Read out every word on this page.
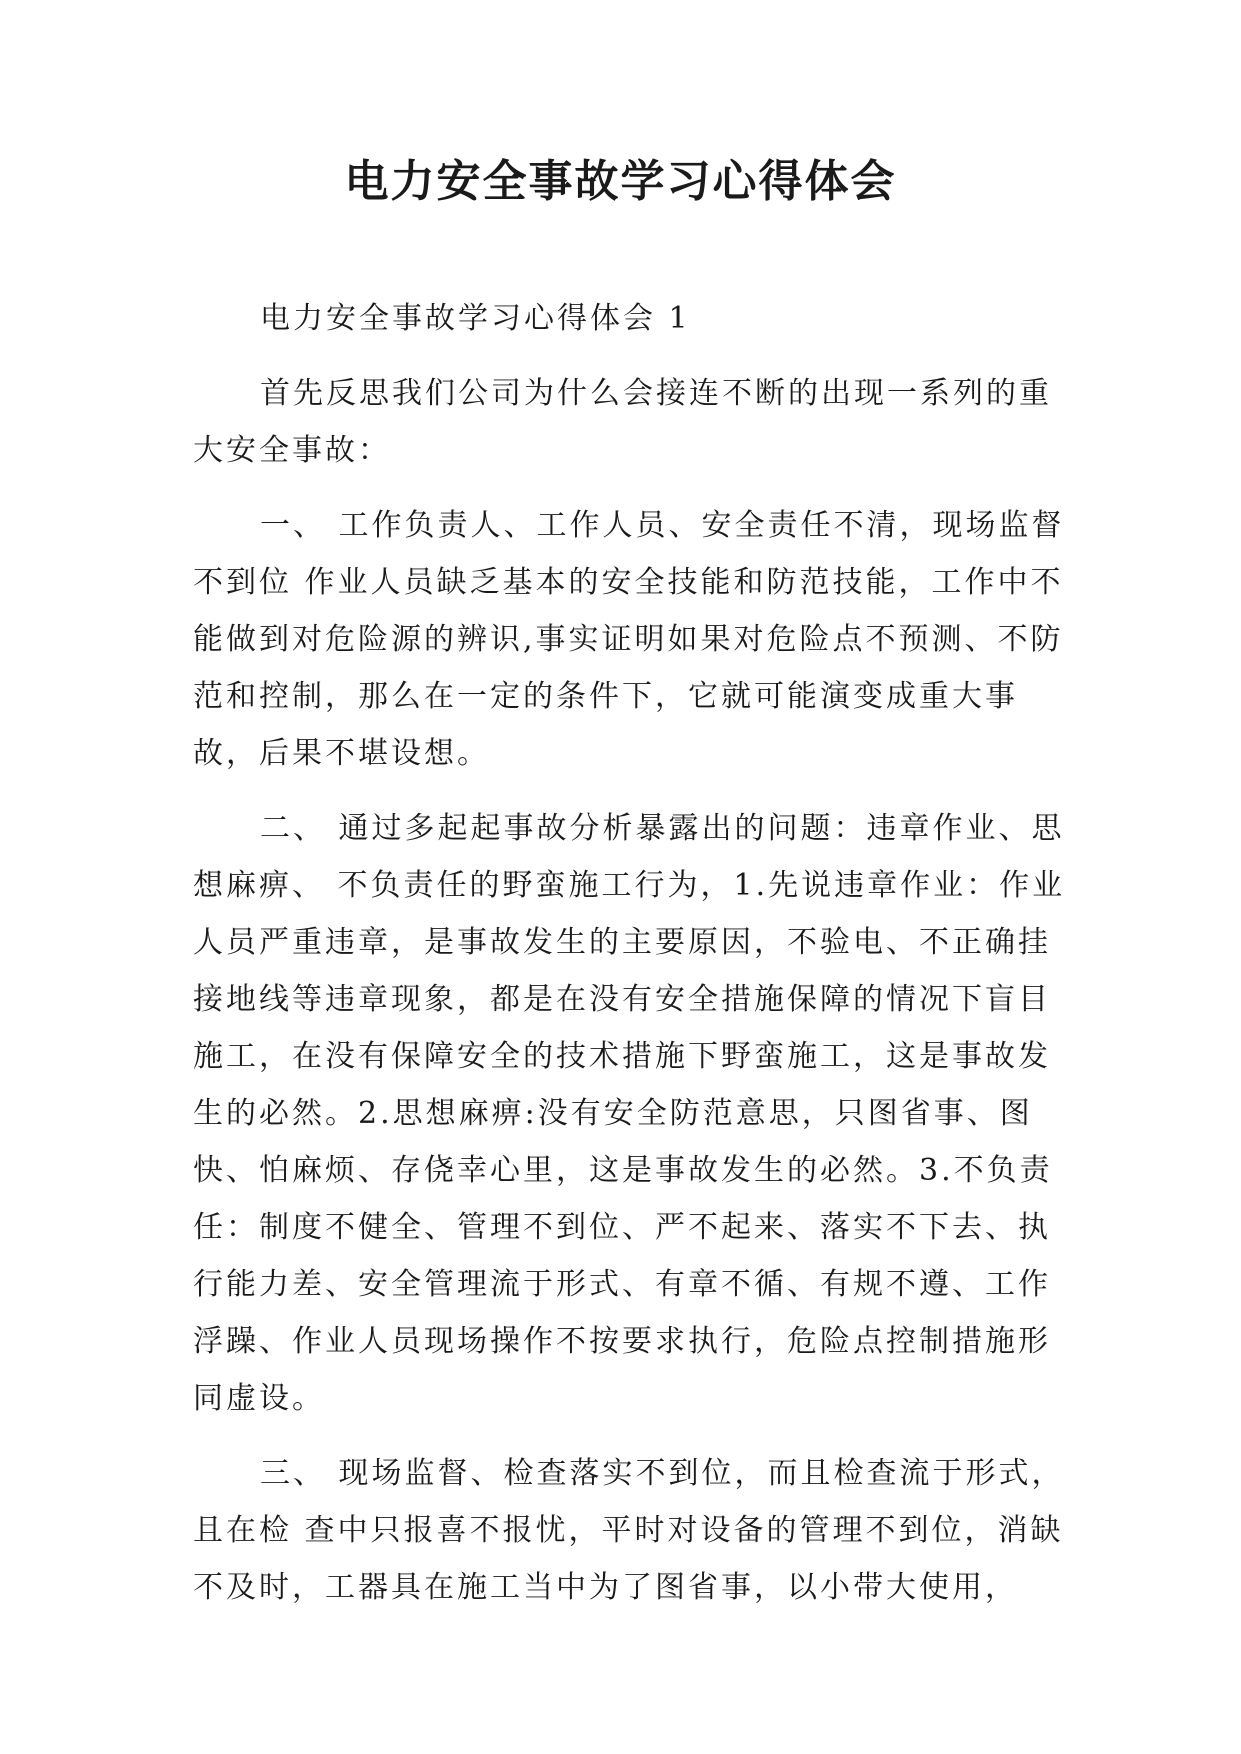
电力安全事故学习心得体会

电力安全事故学习心得体会 1

首先反思我们公司为什么会接连不断的出现一系列的重大安全事故：

一、 工作负责人、工作人员、安全责任不清，现场监督不到位 作业人员缺乏基本的安全技能和防范技能，工作中不能做到对危险源的辨识,事实证明如果对危险点不预测、不防范和控制，那么在一定的条件下，它就可能演变成重大事故，后果不堪设想。

二、 通过多起起事故分析暴露出的问题：违章作业、思想麻痹、 不负责任的野蛮施工行为，1.先说违章作业：作业人员严重违章，是事故发生的主要原因，不验电、不正确挂接地线等违章现象，都是在没有安全措施保障的情况下盲目施工，在没有保障安全的技术措施下野蛮施工，这是事故发生的必然。2.思想麻痹:没有安全防范意思，只图省事、图快、怕麻烦、存侥幸心里，这是事故发生的必然。3.不负责任：制度不健全、管理不到位、严不起来、落实不下去、执行能力差、安全管理流于形式、有章不循、有规不遵、工作浮躁、作业人员现场操作不按要求执行，危险点控制措施形同虚设。

三、 现场监督、检查落实不到位，而且检查流于形式，且在检 查中只报喜不报忧，平时对设备的管理不到位，消缺不及时，工器具在施工当中为了图省事，以小带大使用，
